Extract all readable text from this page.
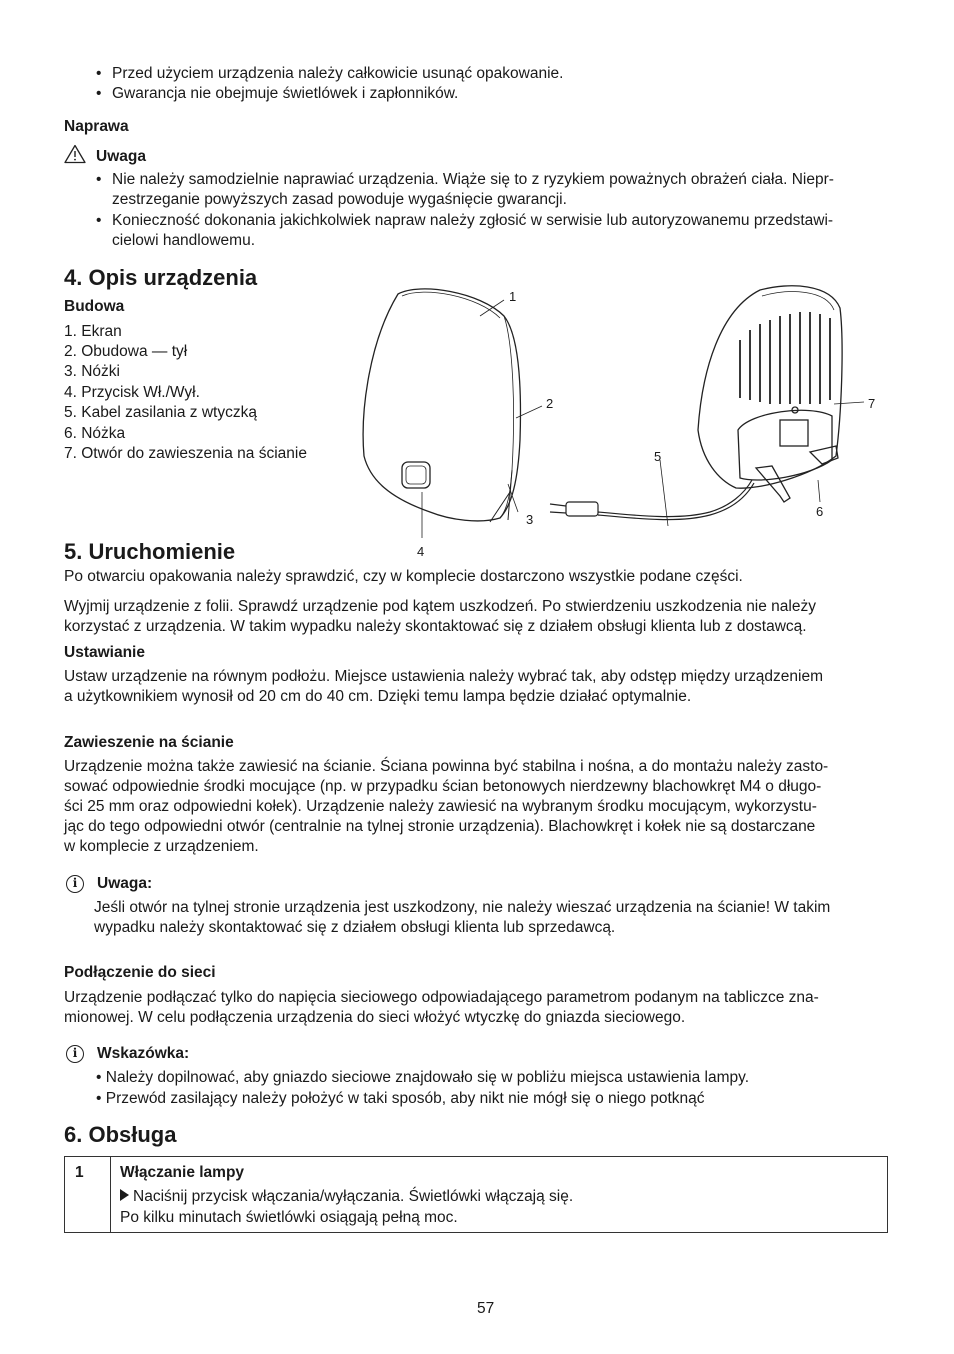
• Przed użyciem urządzenia należy całkowicie usunąć opakowanie.
• Gwarancja nie obejmuje świetlówek i zapłonników.
Naprawa
Uwaga
• Nie należy samodzielnie naprawiać urządzenia. Wiąże się to z ryzykiem poważnych obrażeń ciała. Niepr-
zestrzeganie powyższych zasad powoduje wygaśnięcie gwarancji.
• Konieczność dokonania jakichkolwiek napraw należy zgłosić w serwisie lub autoryzowanemu przedstawi-
cielowi handlowemu.
4. Opis urządzenia
Budowa
1. Ekran
2. Obudowa — tył
3. Nóżki
4. Przycisk Wł./Wył.
5. Kabel zasilania z wtyczką
6. Nóżka
7. Otwór do zawieszenia na ścianie
1
2
3
4
5
6
7
5. Uruchomienie
Po otwarciu opakowania należy sprawdzić, czy w komplecie dostarczono wszystkie podane części.
Wyjmij urządzenie z folii. Sprawdź urządzenie pod kątem uszkodzeń. Po stwierdzeniu uszkodzenia nie należy
korzystać z urządzenia. W takim wypadku należy skontaktować się z działem obsługi klienta lub z dostawcą.
Ustawianie
Ustaw urządzenie na równym podłożu. Miejsce ustawienia należy wybrać tak, aby odstęp między urządzeniem
a użytkownikiem wynosił od 20 cm do 40 cm. Dzięki temu lampa będzie działać optymalnie.
Zawieszenie na ścianie
Urządzenie można także zawiesić na ścianie. Ściana powinna być stabilna i nośna, a do montażu należy zasto-
sować odpowiednie środki mocujące (np. w przypadku ścian betonowych nierdzewny blachowkręt M4 o długo-
ści 25 mm oraz odpowiedni kołek). Urządzenie należy zawiesić na wybranym środku mocującym, wykorzystu-
jąc do tego odpowiedni otwór (centralnie na tylnej stronie urządzenia). Blachowkręt i kołek nie są dostarczane
w komplecie z urządzeniem.
i	Uwaga:
Jeśli otwór na tylnej stronie urządzenia jest uszkodzony, nie należy wieszać urządzenia na ścianie! W takim
wypadku należy skontaktować się z działem obsługi klienta lub sprzedawcą.
Podłączenie do sieci
Urządzenie podłączać tylko do napięcia sieciowego odpowiadającego parametrom podanym na tabliczce zna-
mionowej. W celu podłączenia urządzenia do sieci włożyć wtyczkę do gniazda sieciowego.
i	Wskazówka:
• Należy dopilnować, aby gniazdo sieciowe znajdowało się w pobliżu miejsca ustawienia lampy.
• Przewód zasilający należy położyć w taki sposób, aby nikt nie mógł się o niego potknąć
6. Obsługa
1 Włączanie lampy
Naciśnij przycisk włączania/wyłączania. Świetlówki włączają się.
Po kilku minutach świetlówki osiągają pełną moc.
57
